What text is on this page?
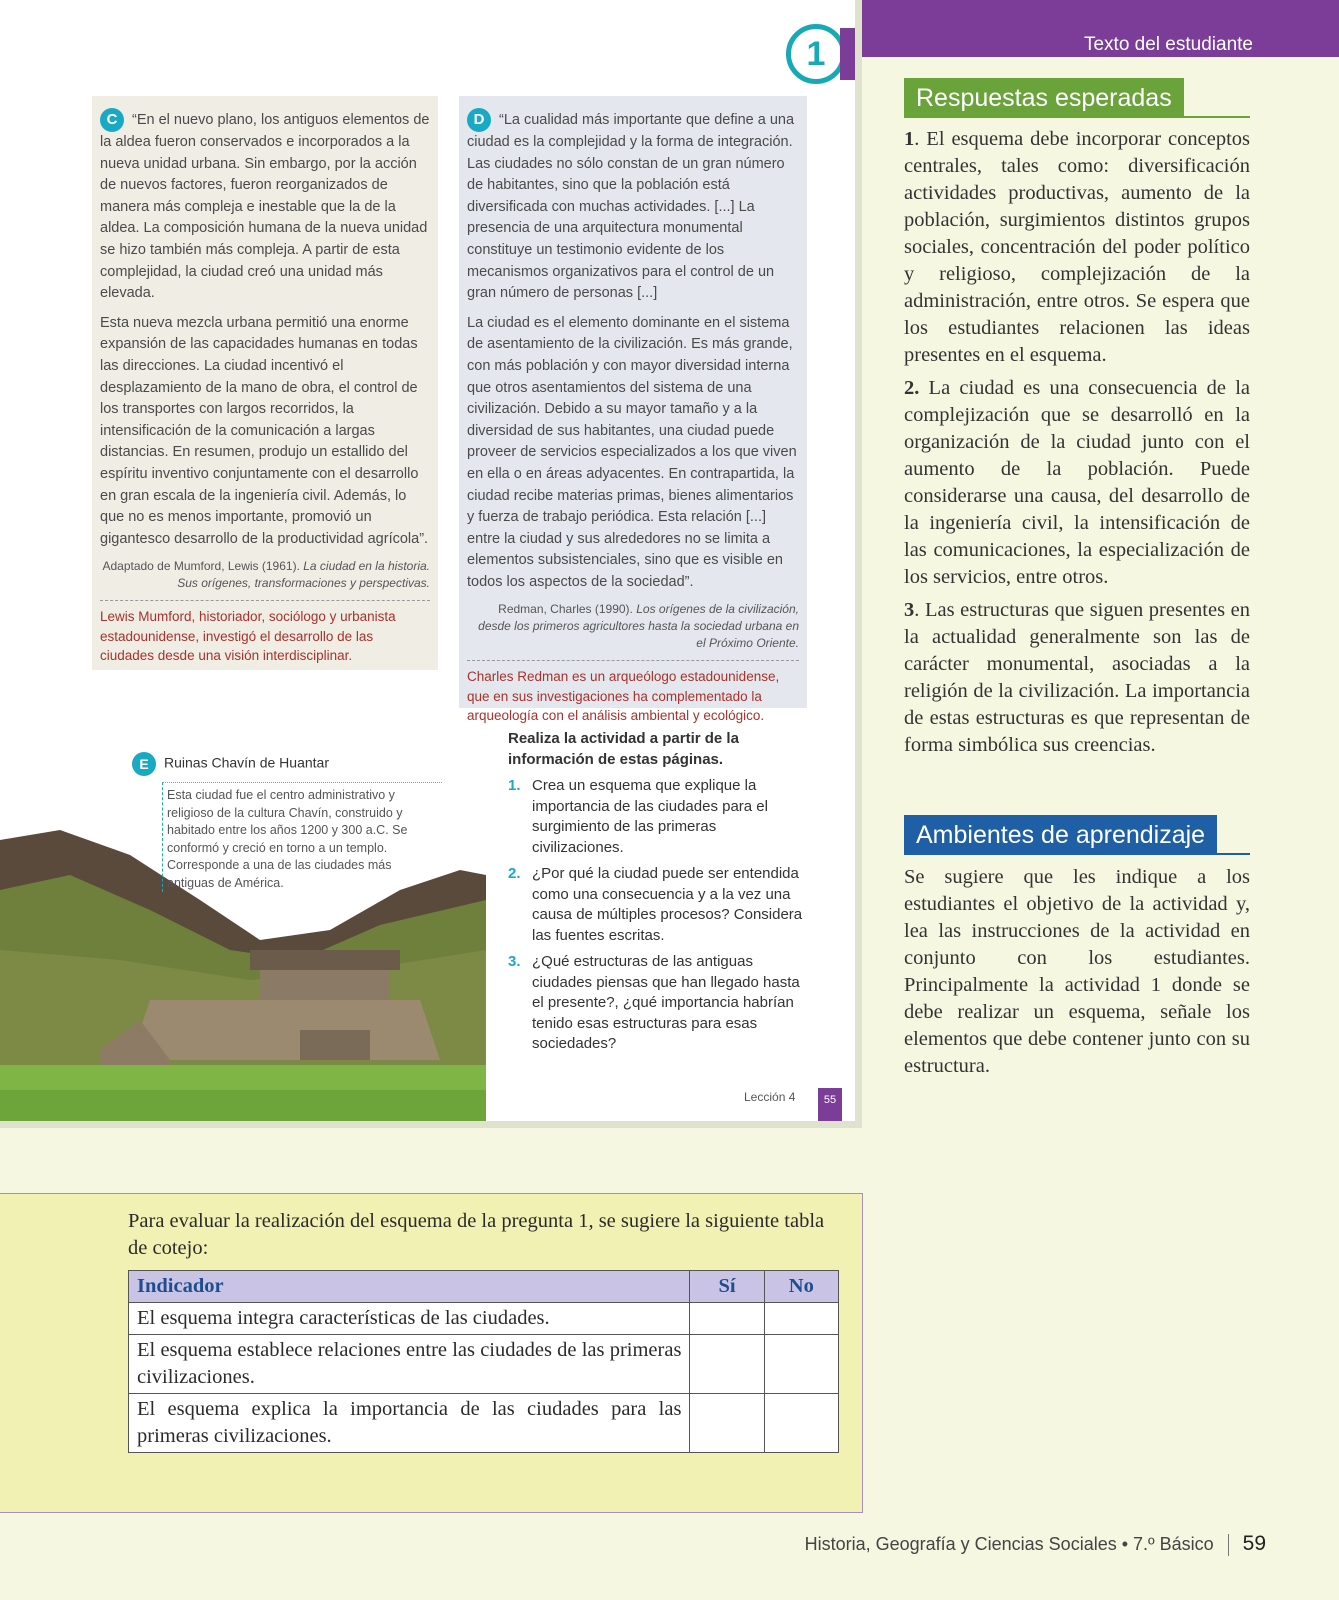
1

C “En el nuevo plano, los antiguos elementos de la aldea fueron conservados e incorporados a la nueva unidad urbana. Sin embargo, por la acción de nuevos factores, fueron reorganizados de manera más compleja e inestable que la de la aldea. La composición humana de la nueva unidad se hizo también más compleja. A partir de esta complejidad, la ciudad creó una unidad más elevada.

Esta nueva mezcla urbana permitió una enorme expansión de las capacidades humanas en todas las direcciones. La ciudad incentivó el desplazamiento de la mano de obra, el control de los transportes con largos recorridos, la intensificación de la comunicación a largas distancias. En resumen, produjo un estallido del espíritu inventivo conjuntamente con el desarrollo en gran escala de la ingeniería civil. Además, lo que no es menos importante, promovió un gigantesco desarrollo de la productividad agrícola”.

Adaptado de Mumford, Lewis (1961). La ciudad en la historia. Sus orígenes, transformaciones y perspectivas.
Lewis Mumford, historiador, sociólogo y urbanista estadounidense, investigó el desarrollo de las ciudades desde una visión interdisciplinar.

D “La cualidad más importante que define a una ciudad es la complejidad y la forma de integración. Las ciudades no sólo constan de un gran número de habitantes, sino que la población está diversificada con muchas actividades. [...] La presencia de una arquitectura monumental constituye un testimonio evidente de los mecanismos organizativos para el control de un gran número de personas [...]

La ciudad es el elemento dominante en el sistema de asentamiento de la civilización. Es más grande, con más población y con mayor diversidad interna que otros asentamientos del sistema de una civilización. Debido a su mayor tamaño y a la diversidad de sus habitantes, una ciudad puede proveer de servicios especializados a los que viven en ella o en áreas adyacentes. En contrapartida, la ciudad recibe materias primas, bienes alimentarios y fuerza de trabajo periódica. Esta relación [...] entre la ciudad y sus alrededores no se limita a elementos subsistenciales, sino que es visible en todos los aspectos de la sociedad”.

Redman, Charles (1990). Los orígenes de la civilización, desde los primeros agricultores hasta la sociedad urbana en el Próximo Oriente.
Charles Redman es un arqueólogo estadounidense, que en sus investigaciones ha complementado la arqueología con el análisis ambiental y ecológico.
E Ruinas Chavín de Huantar
Esta ciudad fue el centro administrativo y religioso de la cultura Chavín, construido y habitado entre los años 1200 y 300 a.C. Se conformó y creció en torno a un templo. Corresponde a una de las ciudades más antiguas de América.
Realiza la actividad a partir de la información de estas páginas.
1. Crea un esquema que explique la importancia de las ciudades para el surgimiento de las primeras civilizaciones.
2. ¿Por qué la ciudad puede ser entendida como una consecuencia y a la vez una causa de múltiples procesos? Considera las fuentes escritas.
3. ¿Qué estructuras de las antiguas ciudades piensas que han llegado hasta el presente?, ¿qué importancia habrían tenido esas estructuras para esas sociedades?
Lección 4	55
Texto del estudiante
Respuestas esperadas

1. El esquema debe incorporar conceptos centrales, tales como: diversificación actividades productivas, aumento de la población, surgimientos distintos grupos sociales, concentración del poder político y religioso, complejización de la administración, entre otros. Se espera que los estudiantes relacionen las ideas presentes en el esquema.

2. La ciudad es una consecuencia de la complejización que se desarrolló en la organización de la ciudad junto con el aumento de la población. Puede considerarse una causa, del desarrollo de la ingeniería civil, la intensificación de las comunicaciones, la especialización de los servicios, entre otros.

3. Las estructuras que siguen presentes en la actualidad generalmente son las de carácter monumental, asociadas a la religión de la civilización. La importancia de estas estructuras es que representan de forma simbólica sus creencias.

Ambientes de aprendizaje

Se sugiere que les indique a los estudiantes el objetivo de la actividad y, lea las instrucciones de la actividad en conjunto con los estudiantes. Principalmente la actividad 1 donde se debe realizar un esquema, señale los elementos que debe contener junto con su estructura.

Para evaluar la realización del esquema de la pregunta 1, se sugiere la siguiente tabla de cotejo:
Indicador	Sí	No
El esquema integra características de las ciudades.		
El esquema establece relaciones entre las ciudades de las primeras civilizaciones.		
El esquema explica la importancia de las ciudades para las primeras civilizaciones.		
Historia, Geografía y Ciencias Sociales • 7.º Básico 59
